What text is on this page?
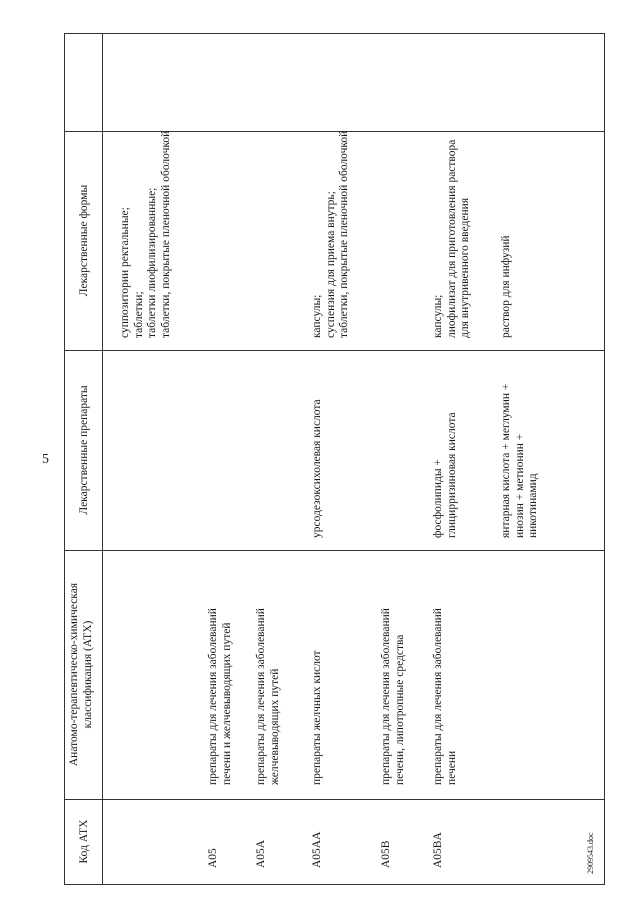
5
2909543.doc
Код АТХ
Анатомо-терапевтическо-химическая классификация (АТХ)
Лекарственные препараты
Лекарственные формы	суппозитории ректальные; таблетки; таблетки лиофилизированные; таблетки, покрытые пленочной оболочкой
A05
препараты для лечения заболеваний печени и желчевыводящих путей
A05A
препараты для лечения заболеваний желчевыводящих путей
A05AA
препараты желчных кислот
урсодезоксихолевая кислота
капсулы; суспензия для приема внутрь; таблетки, покрытые пленочной оболочкой
A05B
препараты для лечения заболеваний печени, липотропные средства
A05BA
препараты для лечения заболеваний печени
фосфолипиды + глицирризиновая кислота
капсулы; лиофилизат для приготовления раствора для внутривенного введения
янтарная кислота + меглумин + инозин + метионин + никотинамид
раствор для инфузий
